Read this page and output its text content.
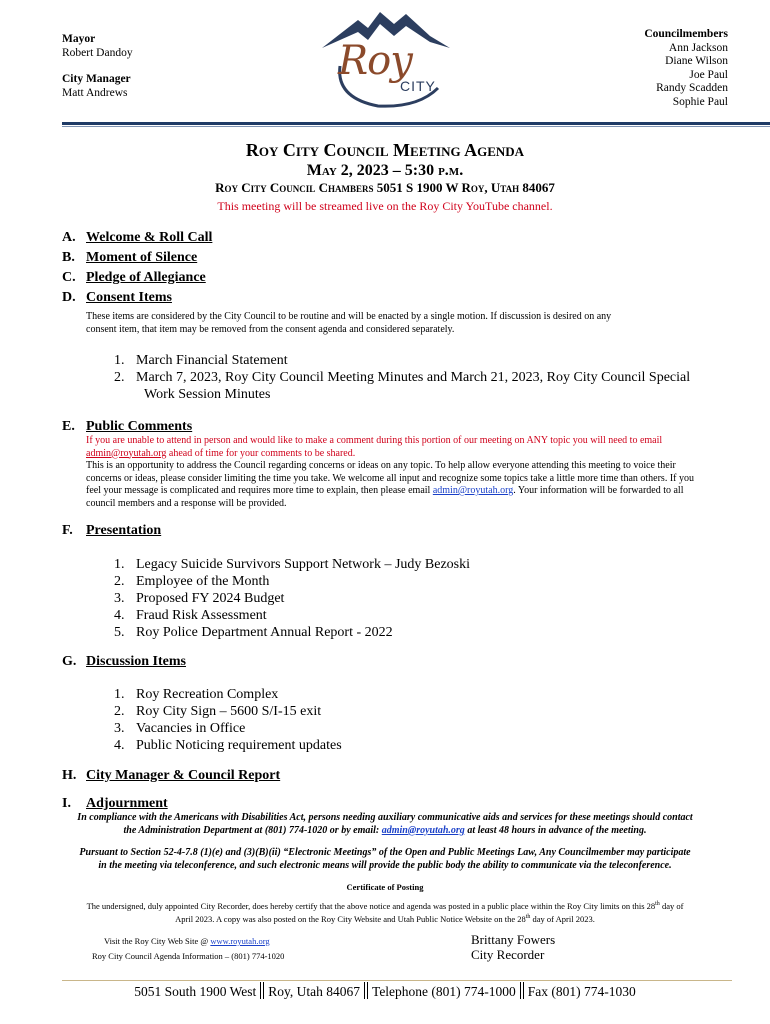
Mayor
Robert Dandoy
City Manager
Matt Andrews
Roy
CITY
Councilmembers
Ann Jackson
Diane Wilson
Joe Paul
Randy Scadden
Sophie Paul
Roy City Council Meeting Agenda
May 2, 2023 – 5:30 p.m.
Roy City Council Chambers 5051 S 1900 W Roy, Utah 84067
This meeting will be streamed live on the Roy City YouTube channel.
A. Welcome & Roll Call
B. Moment of Silence
C. Pledge of Allegiance
D. Consent Items
These items are considered by the City Council to be routine and will be enacted by a single motion. If discussion is desired on any
consent item, that item may be removed from the consent agenda and considered separately.
1. March Financial Statement
2. March 7, 2023, Roy City Council Meeting Minutes and March 21, 2023, Roy City Council Special
Work Session Minutes
E. Public Comments
If you are unable to attend in person and would like to make a comment during this portion of our meeting on ANY topic you will need to email
admin@royutah.org ahead of time for your comments to be shared.
This is an opportunity to address the Council regarding concerns or ideas on any topic. To help allow everyone attending this meeting to voice their
concerns or ideas, please consider limiting the time you take. We welcome all input and recognize some topics take a little more time than others. If you
feel your message is complicated and requires more time to explain, then please email admin@royutah.org. Your information will be forwarded to all
council members and a response will be provided.
F. Presentation
1. Legacy Suicide Survivors Support Network – Judy Bezoski
2. Employee of the Month
3. Proposed FY 2024 Budget
4. Fraud Risk Assessment
5. Roy Police Department Annual Report - 2022
G. Discussion Items
1. Roy Recreation Complex
2. Roy City Sign – 5600 S/I-15 exit
3. Vacancies in Office
4. Public Noticing requirement updates
H. City Manager & Council Report
I. Adjournment
In compliance with the Americans with Disabilities Act, persons needing auxiliary communicative aids and services for these meetings should contact
the Administration Department at (801) 774-1020 or by email: admin@royutah.org at least 48 hours in advance of the meeting.
Pursuant to Section 52-4-7.8 (1)(e) and (3)(B)(ii) “Electronic Meetings” of the Open and Public Meetings Law, Any Councilmember may participate
in the meeting via teleconference, and such electronic means will provide the public body the ability to communicate via the teleconference.
Certificate of Posting
The undersigned, duly appointed City Recorder, does hereby certify that the above notice and agenda was posted in a public place within the Roy City limits on this 28th day of
April 2023. A copy was also posted on the Roy City Website and Utah Public Notice Website on the 28th day of April 2023.
Visit the Roy City Web Site @ www.royutah.org
Roy City Council Agenda Information – (801) 774-1020
Brittany Fowers
City Recorder
5051 South 1900 West Roy, Utah 84067 Telephone (801) 774-1000 Fax (801) 774-1030
